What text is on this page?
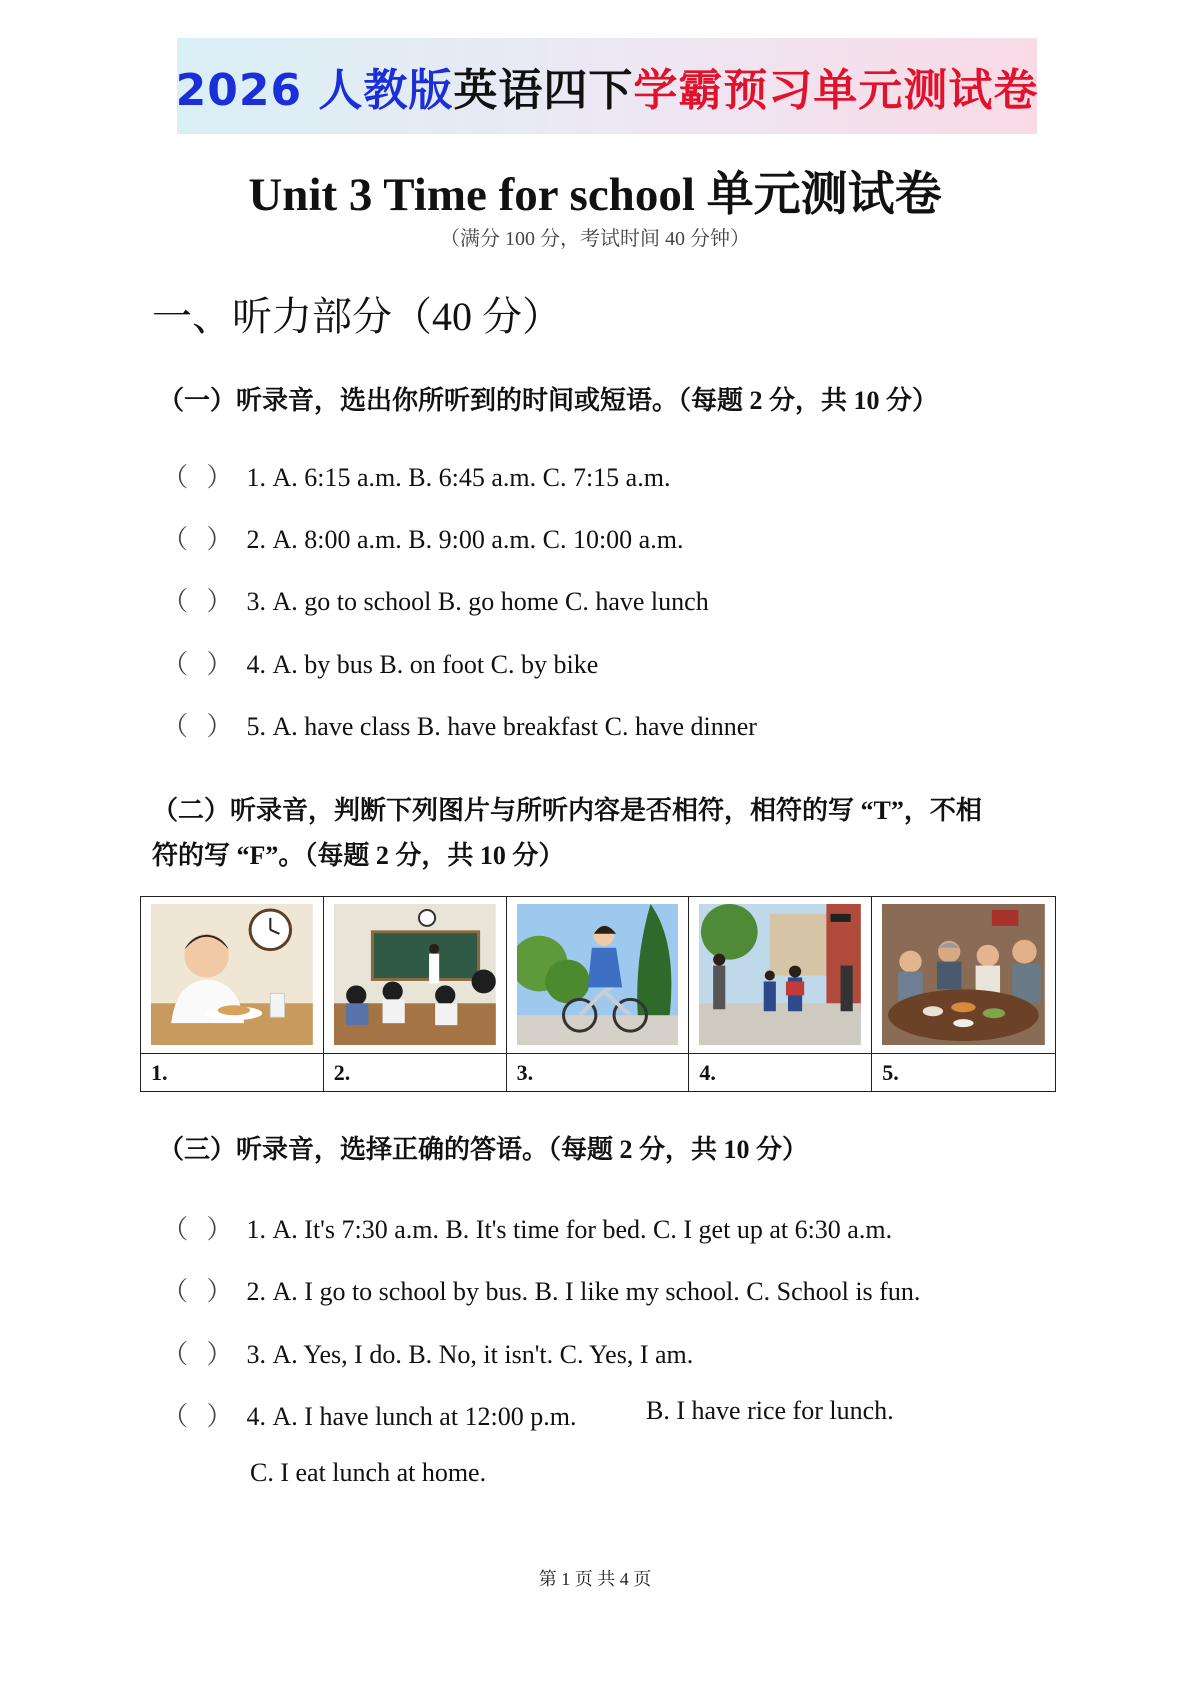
2026 人教版 英语四下 学霸预习单元测试卷
Unit 3 Time for school 单元测试卷
（满分 100 分，考试时间 40 分钟）
一、听力部分（40 分）
（一）听录音，选出你所听到的时间或短语。（每题 2 分，共 10 分）
（ ） 1. A. 6:15 a.m. B. 6:45 a.m. C. 7:15 a.m.
（ ） 2. A. 8:00 a.m. B. 9:00 a.m. C. 10:00 a.m.
（ ） 3. A. go to school B. go home C. have lunch
（ ） 4. A. by bus B. on foot C. by bike
（ ） 5. A. have class B. have breakfast C. have dinner
（二）听录音，判断下列图片与所听内容是否相符，相符的写 “T”，不相
符的写 “F”。（每题 2 分，共 10 分）
1.	2.	3.	4.	5.
（三）听录音，选择正确的答语。（每题 2 分，共 10 分）
（ ） 1. A. It's 7:30 a.m. B. It's time for bed. C. I get up at 6:30 a.m.
（ ） 2. A. I go to school by bus. B. I like my school. C. School is fun.
（ ） 3. A. Yes, I do. B. No, it isn't. C. Yes, I am.
（ ） 4. A. I have lunch at 12:00 p.m.	B. I have rice for lunch.
C. I eat lunch at home.
第 1 页 共 4 页
